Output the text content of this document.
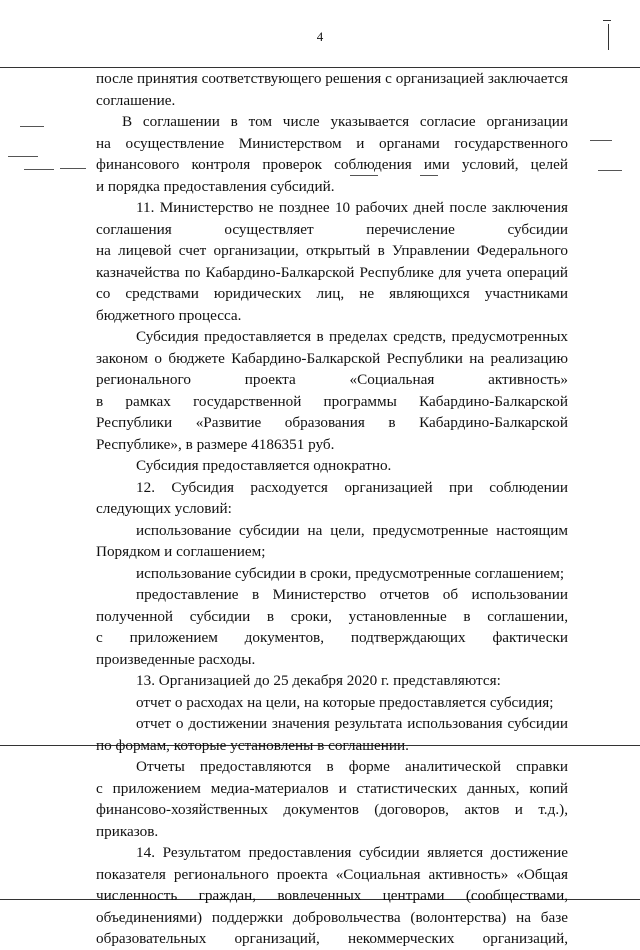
4
после принятия соответствующего решения с организацией заключается
соглашение.
В соглашении в том числе указывается согласие организации
на осуществление Министерством и органами государственного
финансового контроля проверок соблюдения ими условий, целей
и порядка предоставления субсидий.
11. Министерство не позднее 10 рабочих дней после заключения
соглашения осуществляет перечисление субсидии
на лицевой счет организации, открытый в Управлении Федерального
казначейства по Кабардино-Балкарской Республике для учета операций
со средствами юридических лиц, не являющихся участниками
бюджетного процесса.
Субсидия предоставляется в пределах средств, предусмотренных
законом о бюджете Кабардино-Балкарской Республики на реализацию
регионального проекта «Социальная активность»
в рамках государственной программы Кабардино-Балкарской
Республики «Развитие образования в Кабардино-Балкарской
Республике», в размере 4186351 руб.
Субсидия предоставляется однократно.
12. Субсидия расходуется организацией при соблюдении
следующих условий:
использование субсидии на цели, предусмотренные настоящим
Порядком и соглашением;
использование субсидии в сроки, предусмотренные соглашением;
предоставление в Министерство отчетов об использовании
полученной субсидии в сроки, установленные в соглашении,
с приложением документов, подтверждающих фактически
произведенные расходы.
13. Организацией до 25 декабря 2020 г. представляются:
отчет о расходах на цели, на которые предоставляется субсидия;
отчет о достижении значения результата использования субсидии
по формам, которые установлены в соглашении.
Отчеты предоставляются в форме аналитической справки
с приложением медиа-материалов и статистических данных, копий
финансово-хозяйственных документов (договоров, актов и т.д.),
приказов.
14. Результатом предоставления субсидии является достижение
показателя регионального проекта «Социальная активность» «Общая
численность граждан, вовлеченных центрами (сообществами,
объединениями) поддержки добровольчества (волонтерства) на базе
образовательных организаций, некоммерческих организаций,
